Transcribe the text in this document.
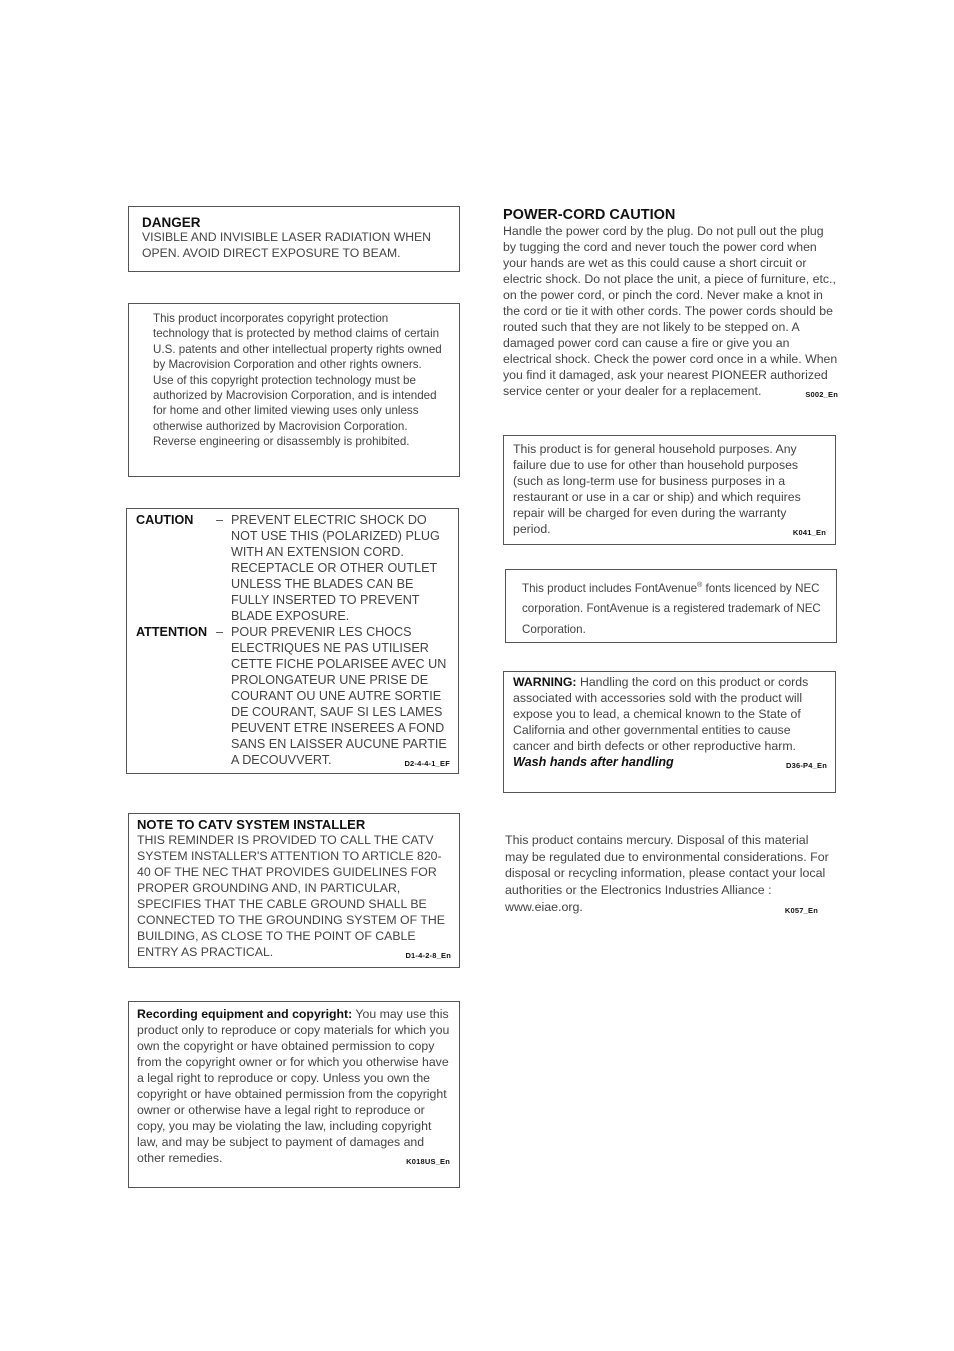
DANGER
VISIBLE AND INVISIBLE LASER RADIATION WHEN OPEN. AVOID DIRECT EXPOSURE TO BEAM.
This product incorporates copyright protection technology that is protected by method claims of certain U.S. patents and other intellectual property rights owned by Macrovision Corporation and other rights owners. Use of this copyright protection technology must be authorized by Macrovision Corporation, and is intended for home and other limited viewing uses only unless otherwise authorized by Macrovision Corporation. Reverse engineering or disassembly is prohibited.
CAUTION	– PREVENT ELECTRIC SHOCK DO NOT USE THIS (POLARIZED) PLUG WITH AN EXTENSION CORD. RECEPTACLE OR OTHER OUTLET UNLESS THE BLADES CAN BE FULLY INSERTED TO PREVENT BLADE EXPOSURE.
ATTENTION – POUR PREVENIR LES CHOCS ELECTRIQUES NE PAS UTILISER CETTE FICHE POLARISEE AVEC UN PROLONGATEUR UNE PRISE DE COURANT OU UNE AUTRE SORTIE DE COURANT, SAUF SI LES LAMES PEUVENT ETRE INSEREES A FOND SANS EN LAISSER AUCUNE PARTIE A DECOUVVERT.	D2-4-4-1_EF
NOTE TO CATV SYSTEM INSTALLER
THIS REMINDER IS PROVIDED TO CALL THE CATV SYSTEM INSTALLER'S ATTENTION TO ARTICLE 820-40 OF THE NEC THAT PROVIDES GUIDELINES FOR PROPER GROUNDING AND, IN PARTICULAR, SPECIFIES THAT THE CABLE GROUND SHALL BE CONNECTED TO THE GROUNDING SYSTEM OF THE BUILDING, AS CLOSE TO THE POINT OF CABLE ENTRY AS PRACTICAL.	D1-4-2-8_En
Recording equipment and copyright: You may use this product only to reproduce or copy materials for which you own the copyright or have obtained permission to copy from the copyright owner or for which you otherwise have a legal right to reproduce or copy. Unless you own the copyright or have obtained permission from the copyright owner or otherwise have a legal right to reproduce or copy, you may be violating the law, including copyright law, and may be subject to payment of damages and other remedies.	K018US_En
POWER-CORD CAUTION
Handle the power cord by the plug. Do not pull out the plug by tugging the cord and never touch the power cord when your hands are wet as this could cause a short circuit or electric shock. Do not place the unit, a piece of furniture, etc., on the power cord, or pinch the cord. Never make a knot in the cord or tie it with other cords. The power cords should be routed such that they are not likely to be stepped on. A damaged power cord can cause a fire or give you an electrical shock. Check the power cord once in a while. When you find it damaged, ask your nearest PIONEER authorized service center or your dealer for a replacement.	S002_En
This product is for general household purposes. Any failure due to use for other than household purposes (such as long-term use for business purposes in a restaurant or use in a car or ship) and which requires repair will be charged for even during the warranty period.	K041_En
This product includes FontAvenue® fonts licenced by NEC corporation. FontAvenue is a registered trademark of NEC Corporation.
WARNING: Handling the cord on this product or cords associated with accessories sold with the product will expose you to lead, a chemical known to the State of California and other governmental entities to cause cancer and birth defects or other reproductive harm.
Wash hands after handling	D36-P4_En
This product contains mercury. Disposal of this material may be regulated due to environmental considerations. For disposal or recycling information, please contact your local authorities or the Electronics Industries Alliance : www.eiae.org.	K057_En
